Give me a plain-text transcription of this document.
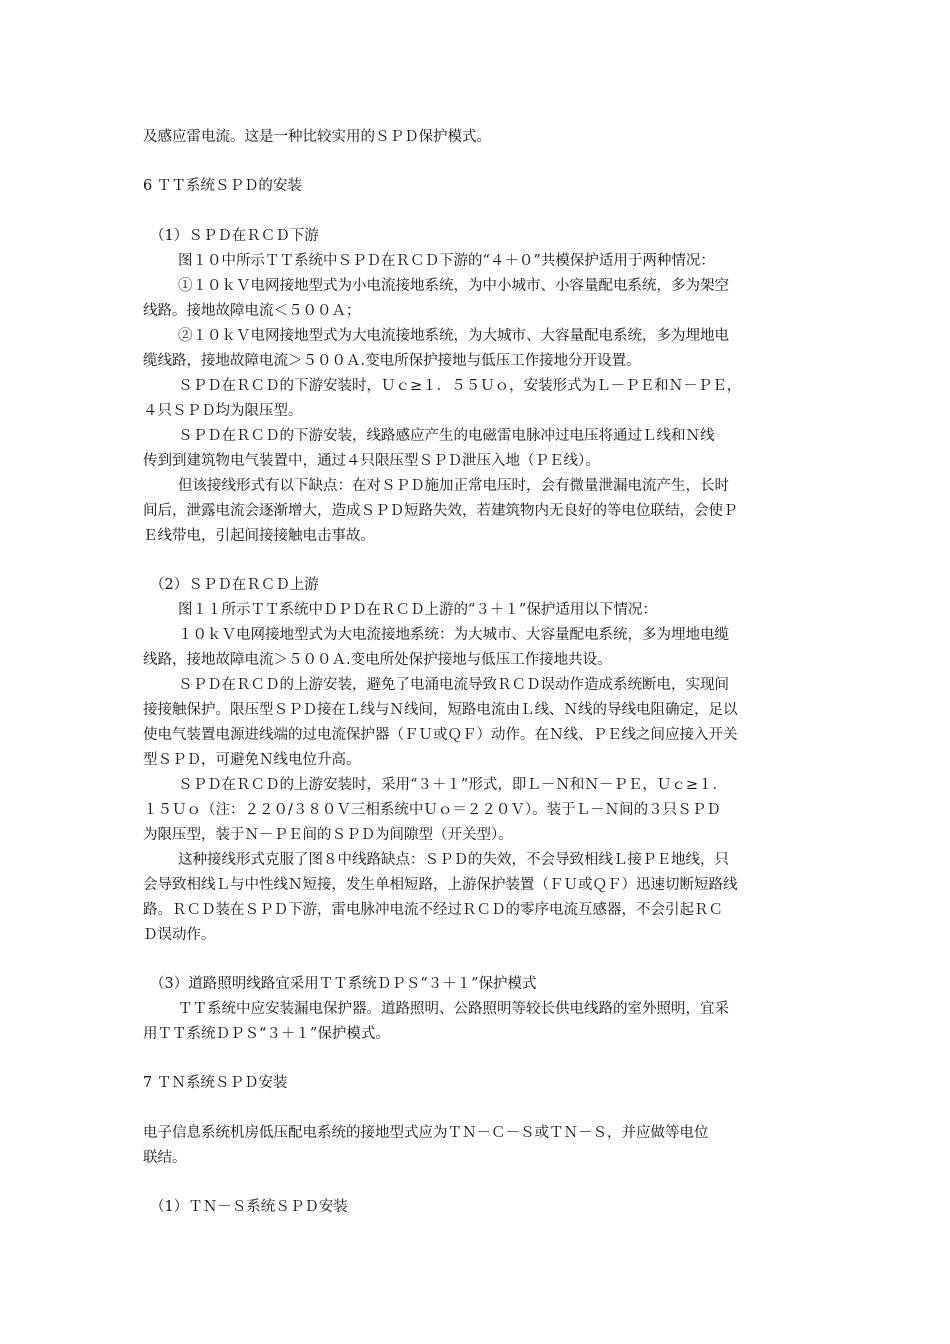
及感应雷电流。这是一种比较实用的ＳＰＤ保护模式。
6 ＴＴ系统ＳＰＤ的安装
（1）ＳＰＤ在ＲＣＤ下游
图１０中所示ＴＴ系统中ＳＰＤ在ＲＣＤ下游的“４＋０”共模保护适用于两种情况：
①１０ｋＶ电网接地型式为小电流接地系统，为中小城市、小容量配电系统，多为架空
线路。接地故障电流＜５００Ａ；
②１０ｋＶ电网接地型式为大电流接地系统，为大城市、大容量配电系统，多为埋地电
缆线路，接地故障电流＞５００Ａ.变电所保护接地与低压工作接地分开设置。
ＳＰＤ在ＲＣＤ的下游安装时，Ｕｃ≥１．５５Ｕｏ，安装形式为Ｌ－ＰＥ和Ｎ－ＰＥ，
４只ＳＰＤ均为限压型。
ＳＰＤ在ＲＣＤ的下游安装，线路感应产生的电磁雷电脉冲过电压将通过Ｌ线和Ｎ线
传到到建筑物电气装置中，通过４只限压型ＳＰＤ泄压入地（ＰＥ线）。
但该接线形式有以下缺点：在对ＳＰＤ施加正常电压时，会有微量泄漏电流产生，长时
间后，泄露电流会逐渐增大，造成ＳＰＤ短路失效，若建筑物内无良好的等电位联结，会使Ｐ
Ｅ线带电，引起间接接触电击事故。
（2）ＳＰＤ在ＲＣＤ上游
图１１所示ＴＴ系统中ＤＰＤ在ＲＣＤ上游的“３＋１”保护适用以下情况：
１０ｋＶ电网接地型式为大电流接地系统：为大城市、大容量配电系统，多为埋地电缆
线路，接地故障电流＞５００Ａ.变电所处保护接地与低压工作接地共设。
ＳＰＤ在ＲＣＤ的上游安装，避免了电涌电流导致ＲＣＤ误动作造成系统断电，实现间
接接触保护。限压型ＳＰＤ接在Ｌ线与Ｎ线间，短路电流由Ｌ线、Ｎ线的导线电阻确定，足以
使电气装置电源进线端的过电流保护器（ＦＵ或ＱＦ）动作。在Ｎ线、ＰＥ线之间应接入开关
型ＳＰＤ，可避免Ｎ线电位升高。
ＳＰＤ在ＲＣＤ的上游安装时，采用“３＋１”形式，即Ｌ－Ｎ和Ｎ－ＰＥ，Ｕｃ≥１．
１５Ｕｏ（注：２２０/３８０Ｖ三相系统中Ｕｏ＝２２０Ｖ）。装于Ｌ－Ｎ间的３只ＳＰＤ
为限压型，装于Ｎ－ＰＥ间的ＳＰＤ为间隙型（开关型）。
这种接线形式克服了图８中线路缺点：ＳＰＤ的失效，不会导致相线Ｌ接ＰＥ地线，只
会导致相线Ｌ与中性线Ｎ短接，发生单相短路，上游保护装置（ＦＵ或ＱＦ）迅速切断短路线
路。ＲＣＤ装在ＳＰＤ下游，雷电脉冲电流不经过ＲＣＤ的零序电流互感器，不会引起ＲＣ
Ｄ误动作。
（3）道路照明线路宜采用ＴＴ系统ＤＰＳ“３＋１”保护模式
ＴＴ系统中应安装漏电保护器。道路照明、公路照明等较长供电线路的室外照明，宜采
用ＴＴ系统ＤＰＳ“３＋１”保护模式。
7 ＴＮ系统ＳＰＤ安装
电子信息系统机房低压配电系统的接地型式应为ＴＮ－Ｃ－Ｓ或ＴＮ－Ｓ，并应做等电位
联结。
（1）ＴＮ－Ｓ系统ＳＰＤ安装
